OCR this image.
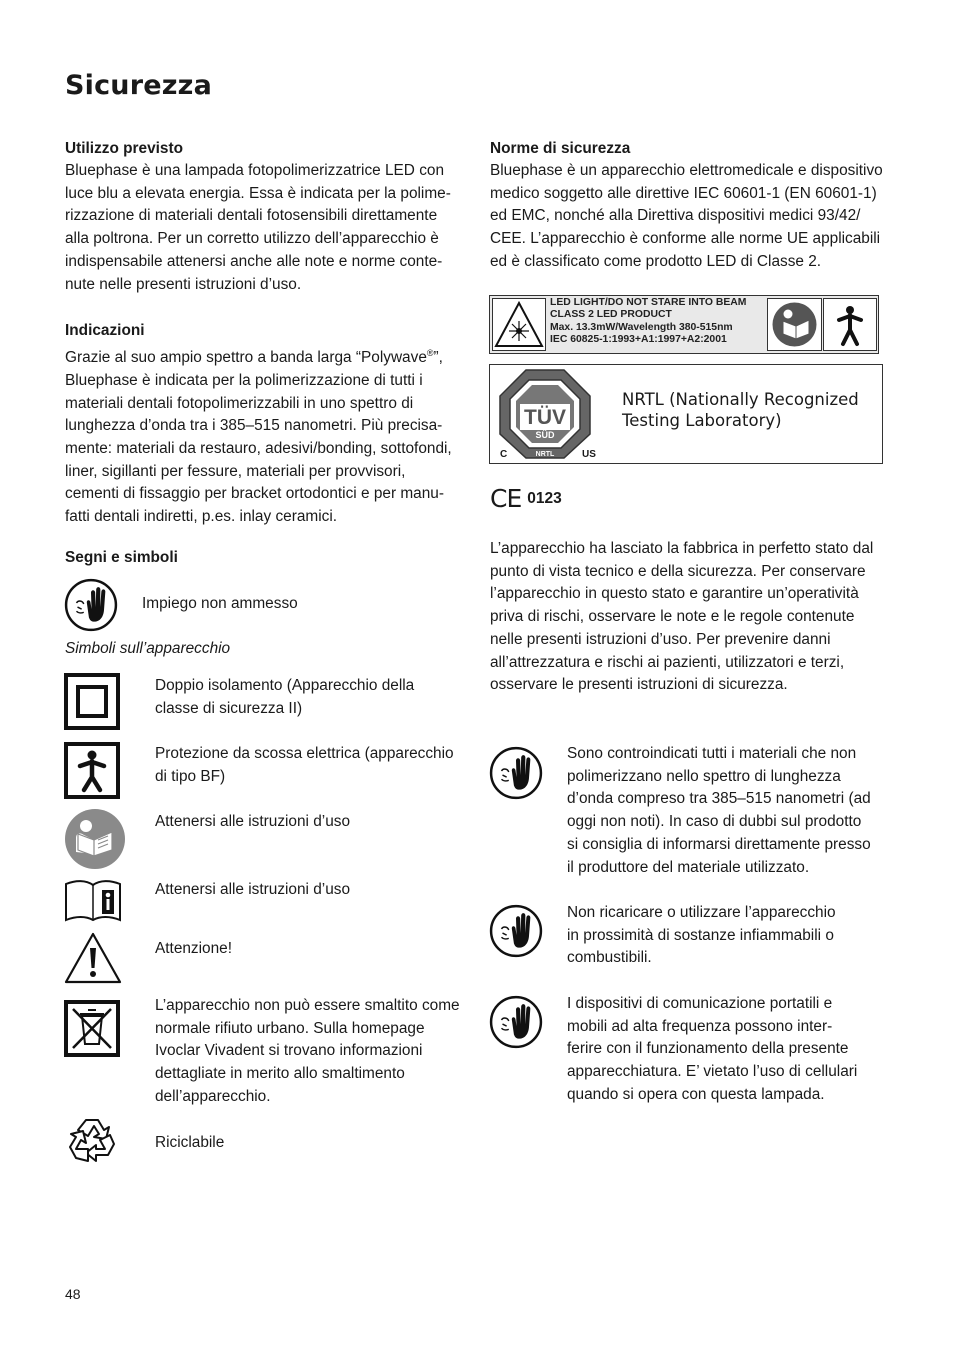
Sicurezza
Utilizzo previsto
Bluephase è una lampada fotopolimerizzatrice LED con
luce blu a elevata energia. Essa è indicata per la polime-
rizzazione di materiali dentali fotosensibili direttamente
alla poltrona. Per un corretto utilizzo dell’apparecchio è
indispensabile attenersi anche alle note e norme conte-
nute nelle presenti istruzioni d’uso.
Indicazioni
Grazie al suo ampio spettro a banda larga “Polywave®”,
Bluephase è indicata per la polimerizzazione di tutti i
materiali dentali fotopolimerizzabili in uno spettro di
lunghezza d’onda tra i 385–515 nanometri. Più precisa-
mente: materiali da restauro, adesivi/bonding, sottofondi,
liner, sigillanti per fessure, materiali per provvisori,
cementi di fissaggio per bracket ortodontici e per manu-
fatti dentali indiretti, p.es. inlay ceramici.
Segni e simboli
Impiego non ammesso
Simboli sull’apparecchio
Doppio isolamento (Apparecchio della
classe di sicurezza II)
Protezione da scossa elettrica (apparecchio
di tipo BF)
Attenersi alle istruzioni d’uso
Attenersi alle istruzioni d’uso
Attenzione!
L’apparecchio non può essere smaltito come
normale rifiuto urbano. Sulla homepage
Ivoclar Vivadent si trovano informazioni
dettagliate in merito allo smaltimento
dell’apparecchio.
Riciclabile
Norme di sicurezza
Bluephase è un apparecchio elettromedicale e dispositivo
medico soggetto alle direttive IEC 60601-1 (EN 60601-1)
ed EMC, nonché alla Direttiva dispositivi medici 93/42/
CEE. L’apparecchio è conforme alle norme UE applicabili
ed è classificato come prodotto LED di Classe 2.
LED LIGHT/DO NOT STARE INTO BEAM
CLASS 2 LED PRODUCT
Max. 13.3mW/Wavelength 380-515nm
IEC 60825-1:1993+A1:1997+A2:2001
TÜV
SÜD
NRTL
C	US
NRTL (Nationally Recognized
Testing Laboratory)
CE 0123
L’apparecchio ha lasciato la fabbrica in perfetto stato dal
punto di vista tecnico e della sicurezza. Per conservare
l’apparecchio in questo stato e garantire un’operatività
priva di rischi, osservare le note e le regole contenute
nelle presenti istruzioni d’uso. Per prevenire danni
all’attrezzatura e rischi ai pazienti, utilizzatori e terzi,
osservare le presenti istruzioni di sicurezza.
Sono controindicati tutti i materiali che non
polimerizzano nello spettro di lunghezza
d’onda compreso tra 385–515 nanometri (ad
oggi non noti). In caso di dubbi sul prodotto
si consiglia di informarsi direttamente presso
il produttore del materiale utilizzato.
Non ricaricare o utilizzare l’apparecchio
in prossimità di sostanze infiammabili o
combustibili.
I dispositivi di comunicazione portatili e
mobili ad alta frequenza possono inter-
ferire con il funzionamento della presente
apparecchiatura. E’ vietato l’uso di cellulari
quando si opera con questa lampada.
48
